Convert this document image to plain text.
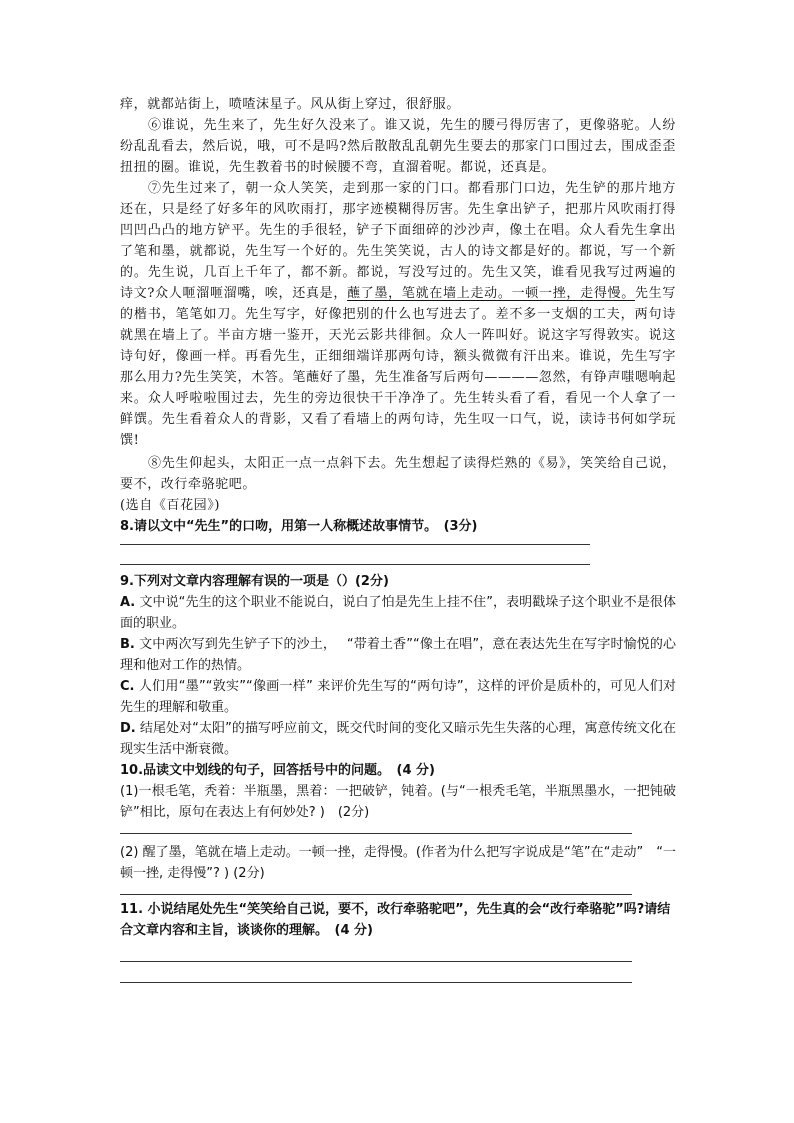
痒，就都站街上，喷喳沫星子。风从街上穿过，很舒服。

⑥谁说，先生来了，先生好久没来了。谁又说，先生的腰弓得厉害了，更像骆驼。人纷纷乱乱看去，然后说，哦，可不是吗?然后散散乱乱朝先生要去的那家门口围过去，围成歪歪扭扭的圈。谁说，先生教着书的时候腰不弯，直溜着呢。都说，还真是。

⑦先生过来了，朝一众人笑笑，走到那一家的门口。都看那门口边，先生铲的那片地方还在，只是经了好多年的风吹雨打，那字迹模糊得厉害。先生拿出铲子，把那片风吹雨打得凹凹凸凸的地方铲平。先生的手很轻，铲子下面细碎的沙沙声，像土在唱。众人看先生拿出了笔和墨，就都说，先生写一个好的。先生笑笑说，古人的诗文都是好的。都说，写一个新的。先生说，几百上千年了，都不新。都说，写没写过的。先生又笑，谁看见我写过两遍的诗文?众人咂溜咂溜嘴，唉，还真是，蘸了墨，笔就在墙上走动。一顿一挫，走得慢。先生写的楷书，笔笔如刀。先生写字，好像把别的什么也写进去了。差不多一支烟的工夫，两句诗就黑在墙上了。半亩方塘一鉴开，天光云影共徘徊。众人一阵叫好。说这字写得敦实。说这诗句好，像画一样。再看先生，正细细端详那两句诗，额头微微有汗出来。谁说，先生写字那么用力?先生笑笑，木答。笔蘸好了墨，先生准备写后两句————忽然，有铮声嗤嗯响起来。众人呼啦啦围过去，先生的旁边很快干干净净了。先生转头看了看，看见一个人拿了一鲜馔。先生看着众人的背影，又看了看墙上的两句诗，先生叹一口气，说，读诗书何如学玩馔!

⑧先生仰起头，太阳正一点一点斜下去。先生想起了读得烂熟的《易》，笑笑给自己说，要不，改行牵骆驼吧。

(选自《百花园》)

8.请以文中“先生”的口吻，用第一人称概述故事情节。　(3分)

9.下列对文章内容理解有误的一项是（）(2分)

A. 文中说“先生的这个职业不能说白，说白了怕是先生上挂不住”，表明戳垛子这个职业不是很体面的职业。

B. 文中两次写到先生铲子下的沙土，　 “带着土香”“像土在唱”，意在表达先生在写字时愉悦的心理和他对工作的热情。

C. 人们用“墨”“敦实”“像画一样” 来评价先生写的“两句诗”，这样的评价是质朴的，可见人们对先生的理解和敬重。

D. 结尾处对“太阳”的描写呼应前文，既交代时间的变化又暗示先生失落的心理，寓意传统文化在现实生活中渐衰微。

10.品读文中划线的句子，回答括号中的问题。　(4 分)

(1)一根毛笔，秃着：半瓶墨，黑着：一把破铲，钝着。(与“一根秃毛笔，半瓶黑墨水，一把钝破铲”相比，原句在表达上有何妙处? )　(2分)

(2) 醒了墨，笔就在墙上走动。一顿一挫，走得慢。(作者为什么把写字说成是“笔”在“走动”　“一顿一挫, 走得慢”? ) (2分)

11. 小说结尾处先生“笑笑给自己说，要不，改行牵骆驼吧”，先生真的会“改行牵骆驼”吗?请结合文章内容和主旨，谈谈你的理解。　(4 分)
